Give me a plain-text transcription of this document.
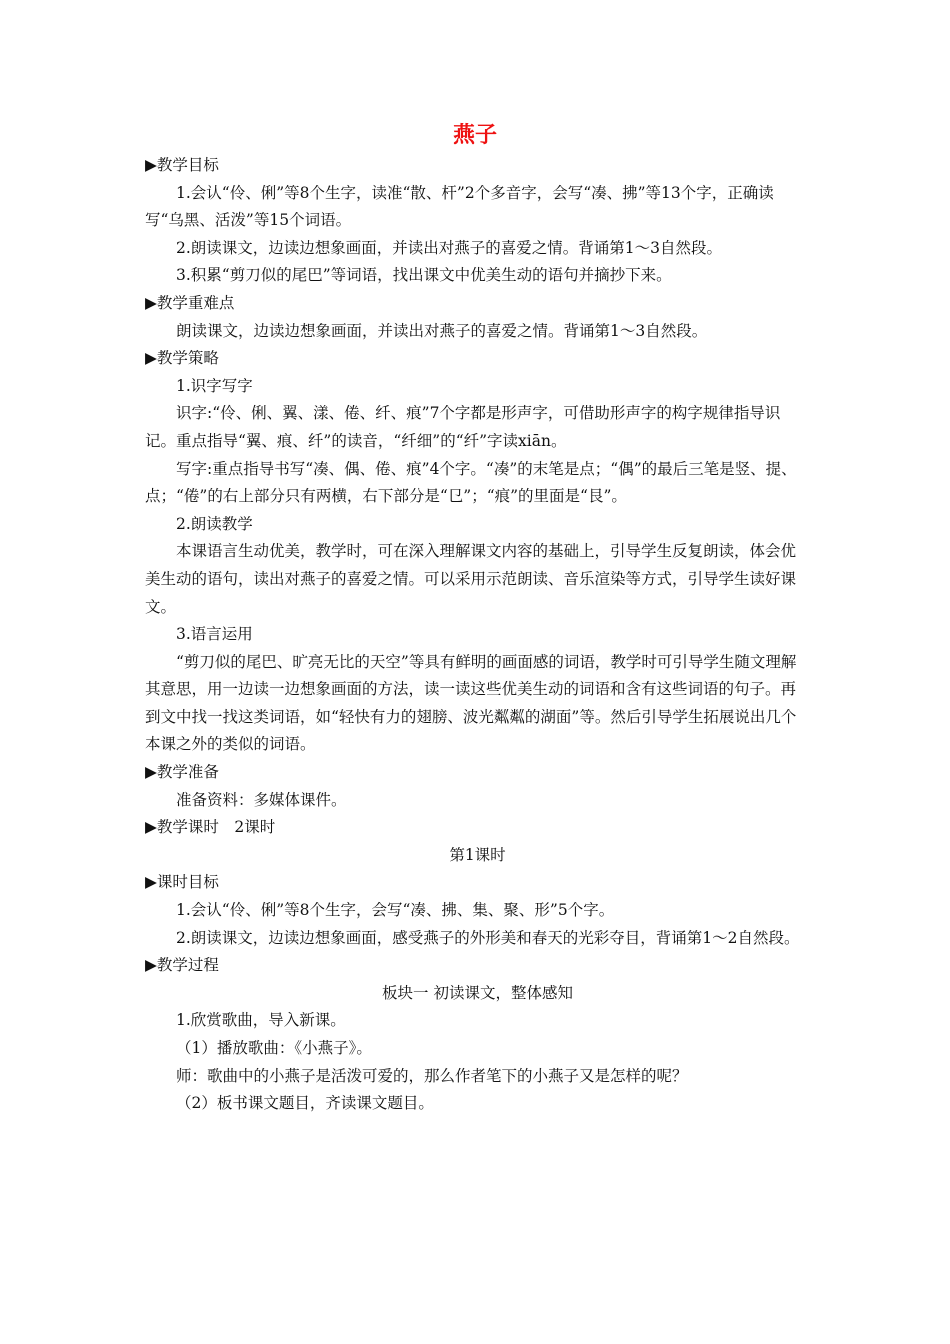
燕子

▶教学目标

1.会认“伶、俐”等8个生字，读准“散、杆”2个多音字，会写“凑、拂”等13个字，正确读写“乌黑、活泼”等15个词语。

2.朗读课文，边读边想象画面，并读出对燕子的喜爱之情。背诵第1～3自然段。

3.积累“剪刀似的尾巴”等词语，找出课文中优美生动的语句并摘抄下来。

▶教学重难点

朗读课文，边读边想象画面，并读出对燕子的喜爱之情。背诵第1～3自然段。

▶教学策略

1.识字写字

识字:“伶、俐、翼、漾、倦、纤、痕”7个字都是形声字，可借助形声字的构字规律指导识记。重点指导“翼、痕、纤”的读音，“纤细”的“纤”字读xiān。

写字:重点指导书写“凑、偶、倦、痕”4个字。“凑”的末笔是点；“偶”的最后三笔是竖、提、点；“倦”的右上部分只有两横，右下部分是“㔾”；“痕”的里面是“艮”。

2.朗读教学

本课语言生动优美，教学时，可在深入理解课文内容的基础上，引导学生反复朗读，体会优美生动的语句，读出对燕子的喜爱之情。可以采用示范朗读、音乐渲染等方式，引导学生读好课文。

3.语言运用

“剪刀似的尾巴、旷亮无比的天空”等具有鲜明的画面感的词语，教学时可引导学生随文理解其意思，用一边读一边想象画面的方法，读一读这些优美生动的词语和含有这些词语的句子。再到文中找一找这类词语，如“轻快有力的翅膀、波光粼粼的湖面”等。然后引导学生拓展说出几个本课之外的类似的词语。

▶教学准备

准备资料：多媒体课件。

▶教学课时　2课时

第1课时

▶课时目标

1.会认“伶、俐”等8个生字，会写“凑、拂、集、聚、形”5个字。

2.朗读课文，边读边想象画面，感受燕子的外形美和春天的光彩夺目，背诵第1～2自然段。

▶教学过程

板块一 初读课文，整体感知

1.欣赏歌曲，导入新课。

（1）播放歌曲：《小燕子》。

师：歌曲中的小燕子是活泼可爱的，那么作者笔下的小燕子又是怎样的呢？

（2）板书课文题目，齐读课文题目。
